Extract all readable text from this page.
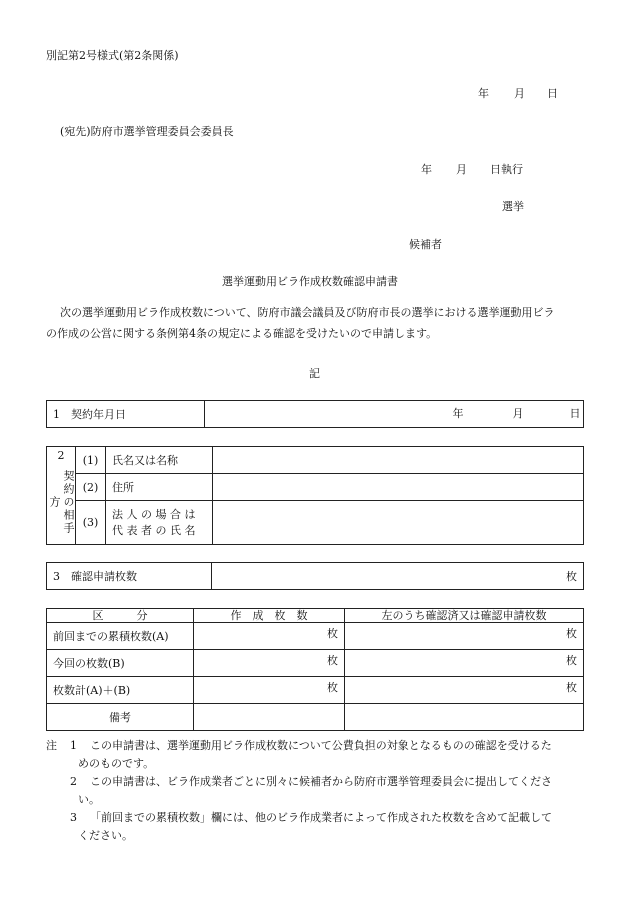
別記第2号様式(第2条関係)
年 月 日
(宛先)防府市選挙管理委員会委員長
年 月 日執行
選挙
候補者
選挙運動用ビラ作成枚数確認申請書
次の選挙運動用ビラ作成枚数について、防府市議会議員及び防府市長の選挙における選挙運動用ビラ
の作成の公営に関する条例第4条の規定による確認を受けたいので申請します。
記
1　契約年月日	年	月	日
2
契約の相手方	(1)	氏名又は名称	
	(2)	住所	
	(3)	法 人 の 場 合 は
代 表 者 の 氏 名	

3　確認申請枚数	枚
区　　　分	作　成　枚　数	左のうち確認済又は確認申請枚数
前回までの累積枚数(A)	枚	枚
今回の枚数(B)	枚	枚
枚数計(A)＋(B)	枚	枚
備考		
注 1 この申請書は、選挙運動用ビラ作成枚数について公費負担の対象となるものの確認を受けるた
めのものです。
2 この申請書は、ビラ作成業者ごとに別々に候補者から防府市選挙管理委員会に提出してくださ
い。
3 「前回までの累積枚数」欄には、他のビラ作成業者によって作成された枚数を含めて記載して
ください。
